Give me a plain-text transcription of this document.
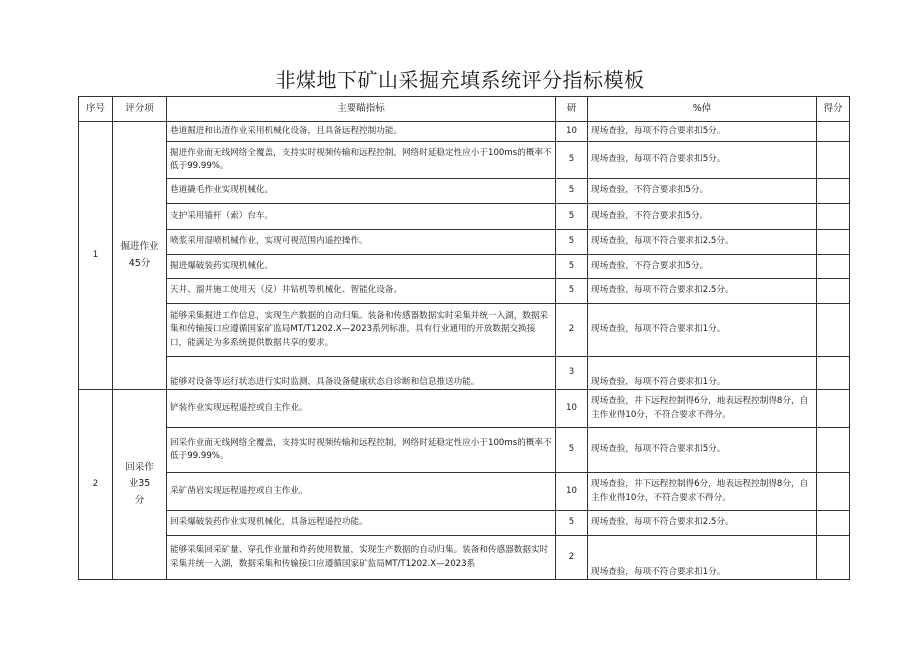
非煤地下矿山采掘充填系统评分指标模板
序号	评分项	主要瞄指标	研	%倬	得分
1	掘进作业45分	巷道掘进和出渣作业采用机械化设备，且具备远程控制功能。	10	现场查验，每项不符合要求扣5分。	
		掘进作业面无线网络全覆盖，支持实时视频传输和远程控制，网络时延稳定性应小于100ms的概率不低于99.99%。	5	现场查验，每项不符合要求扣5分。	
		巷道撬毛作业实现机械化。	5	现场查验，不符合要求扣5分。	
		支护采用锚杆（索）台车。	5	现场查验，不符合要求扣5分。	
		喷浆采用湿喷机械作业，实现可视范围内遥控操作。	5	现场查验，每项不符合要求扣2.5分。	
		掘进爆破装药实现机械化。	5	现场查验，不符合要求扣5分。	
		天井、溜井施工使用天（反）井钻机等机械化、智能化设备。	5	现场查验，每项不符合要求扣2.5分。	
		能够采集掘进工作信息，实现生产数据的自动归集。装备和传感器数据实时采集并统一入湖，数据采集和传输接口应遵循国家矿监局MT/T1202.X—2023系列标准，具有行业通用的开放数据交换接口，能满足为多系统提供数据共享的要求。	2	现场查验，每项不符合要求扣1分。	
		能够对设备等运行状态进行实时监测，具备设备健康状态自诊断和信息推送功能。	3	现场查验，每项不符合要求扣1分。	
2	回采作业35分	铲装作业实现远程遥控或自主作业。	10	现场查验，井下远程控制得6分，地表远程控制得8分，自主作业得10分，不符合要求不得分。	
		回采作业面无线网络全覆盖，支持实时视频传输和远程控制，网络时延稳定性应小于100ms的概率不低于99.99%。	5	现场查验，每项不符合要求扣5分。	
		采矿凿岩实现远程遥控或自主作业。	10	现场查验，井下远程控制得6分，地表远程控制得8分，自主作业得10分，不符合要求不得分。	
		回采爆破装药作业实现机械化，具备远程遥控功能。	5	现场查验，每项不符合要求扣2.5分。	
		能够采集回采矿量、穿孔作业量和炸药使用数量，实现生产数据的自动归集。装备和传感器数据实时采集并统一入湖，数据采集和传输接口应遵循国家矿监局MT/T1202.X—2023系	2	现场查验，每项不符合要求扣1分。	
